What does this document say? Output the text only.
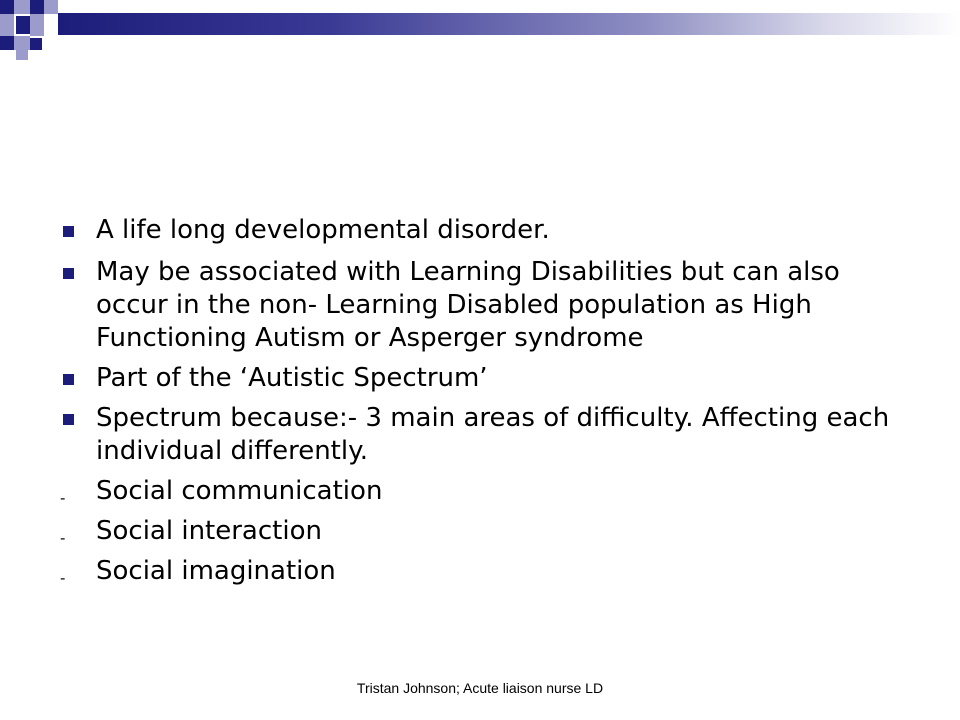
A life long developmental disorder.
May be associated with Learning Disabilities but can also occur in the non- Learning Disabled population as High Functioning Autism or Asperger syndrome
Part of the ‘Autistic Spectrum’
Spectrum because:- 3 main areas of difficulty. Affecting each individual differently.
- Social communication
- Social interaction
- Social imagination
Tristan Johnson; Acute liaison nurse LD
